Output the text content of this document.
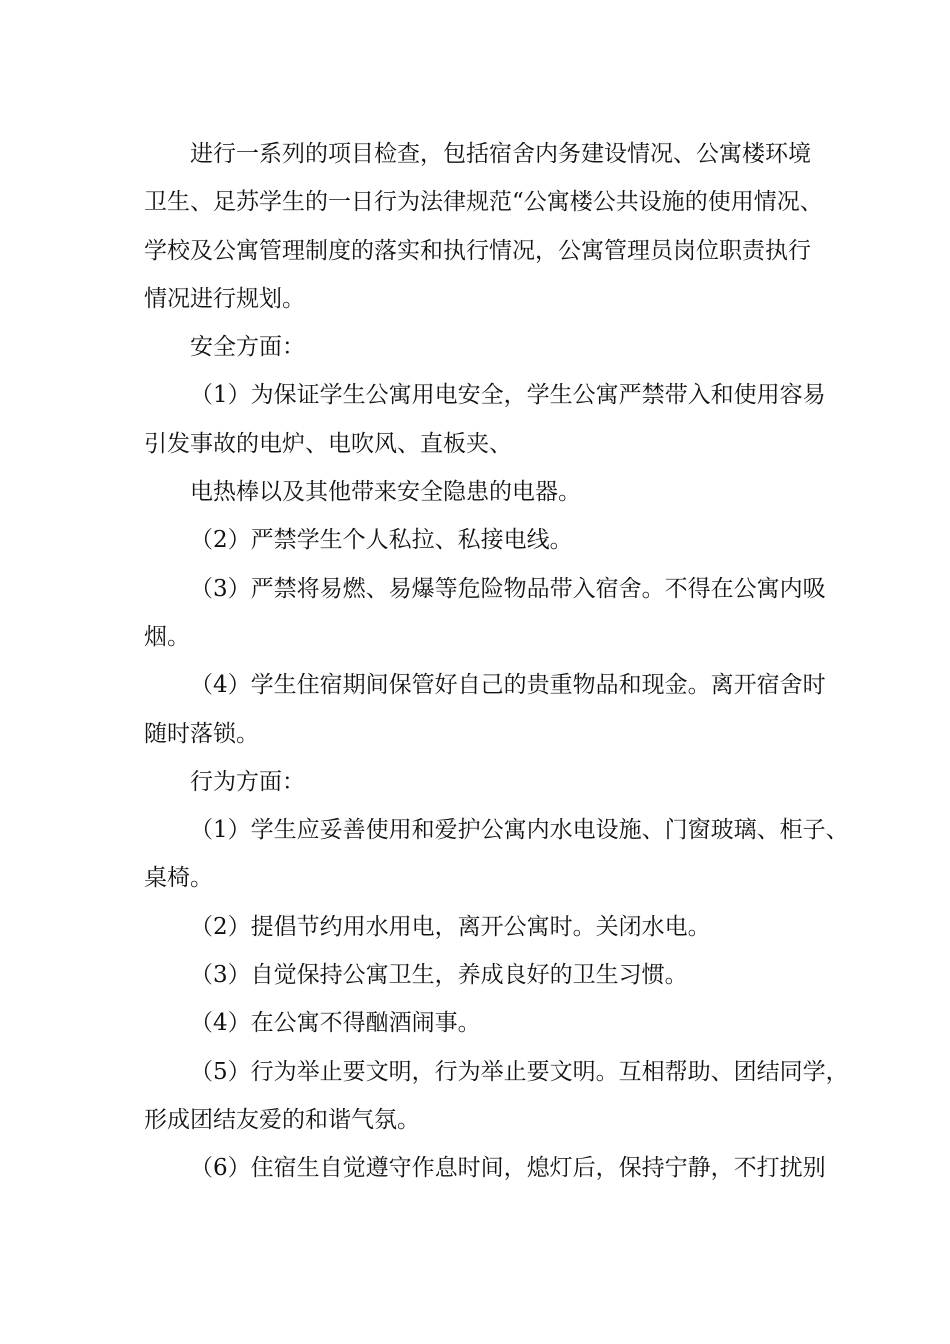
进行一系列的项目检查，包括宿舍内务建设情况、公寓楼环境
卫生、足苏学生的一日行为法律规范“公寓楼公共设施的使用情况、
学校及公寓管理制度的落实和执行情况，公寓管理员岗位职责执行
情况进行规划。
安全方面：
（1）为保证学生公寓用电安全，学生公寓严禁带入和使用容易
引发事故的电炉、电吹风、直板夹、
电热棒以及其他带来安全隐患的电器。
（2）严禁学生个人私拉、私接电线。
（3）严禁将易燃、易爆等危险物品带入宿舍。不得在公寓内吸
烟。
（4）学生住宿期间保管好自己的贵重物品和现金。离开宿舍时
随时落锁。
行为方面：
（1）学生应妥善使用和爱护公寓内水电设施、门窗玻璃、柜子、
桌椅。
（2）提倡节约用水用电，离开公寓时。关闭水电。
（3）自觉保持公寓卫生，养成良好的卫生习惯。
（4）在公寓不得酗酒闹事。
（5）行为举止要文明，行为举止要文明。互相帮助、团结同学，
形成团结友爱的和谐气氛。
（6）住宿生自觉遵守作息时间，熄灯后，保持宁静，不打扰别
